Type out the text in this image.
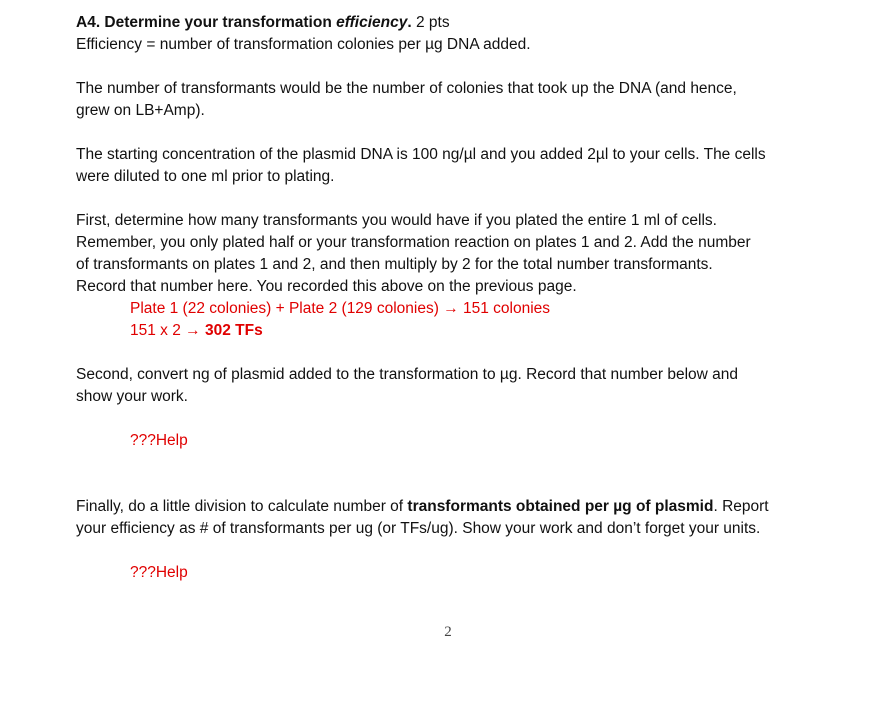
A4. Determine your transformation efficiency. 2 pts
Efficiency = number of transformation colonies per µg DNA added.
The number of transformants would be the number of colonies that took up the DNA (and hence,
grew on LB+Amp).
The starting concentration of the plasmid DNA is 100 ng/µl and you added 2µl to your cells. The cells
were diluted to one ml prior to plating.
First, determine how many transformants you would have if you plated the entire 1 ml of cells.
Remember, you only plated half or your transformation reaction on plates 1 and 2. Add the number
of transformants on plates 1 and 2, and then multiply by 2 for the total number transformants.
Record that number here. You recorded this above on the previous page.
Plate 1 (22 colonies) + Plate 2 (129 colonies) → 151 colonies
151 x 2 → 302 TFs
Second, convert ng of plasmid added to the transformation to µg. Record that number below and
show your work.
???Help
Finally, do a little division to calculate number of transformants obtained per µg of plasmid. Report
your efficiency as # of transformants per ug (or TFs/ug). Show your work and don’t forget your units.
???Help
2
